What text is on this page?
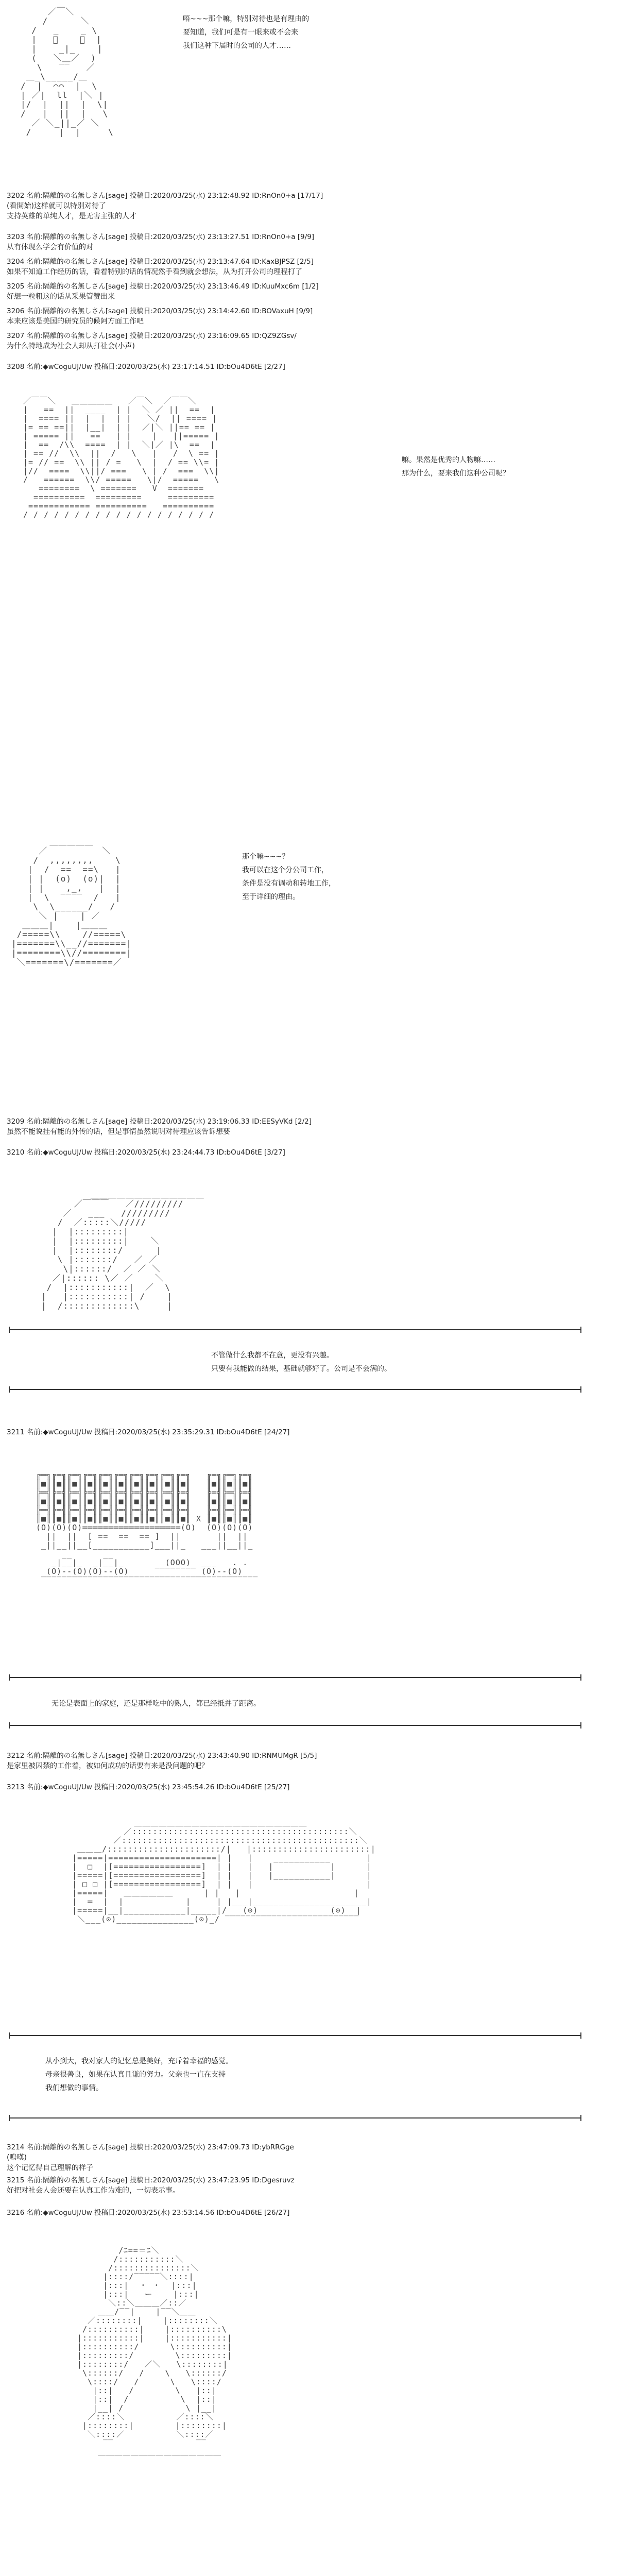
／￣＼
/      ＼
/   _    _ \
|   ﾟ    ﾟ  |
|    _|_    |
(   ＼＿／  )
\   ‾‾   ／
＿_\_____/＿
/  |  ⌒⌒  |  \
| ／|  ll  |＼ |
|/  |  ||  |  \|
/   |  ||  |   \
／ ＼_||_／ ＼
/     |  |     \
唔~~~那个嘛，特别对待也是有理由的
要知道，我们可是有一眼来或不会来
我们这种下届时的公司的人才……
3202 名前:隔離的の名無しさん[sage] 投稿日:2020/03/25(水) 23:12:48.92 ID:RnOn0+a [17/17]
(看開始)这样就可以特别对待了
支持英雄的单纯人才，是无害主张的人才
3203 名前:隔離的の名無しさん[sage] 投稿日:2020/03/25(水) 23:13:27.51 ID:RnOn0+a [9/9]
从有体现么学会有价值的对
3204 名前:隔離的の名無しさん[sage] 投稿日:2020/03/25(水) 23:13:47.64 ID:KaxBJPSZ [2/5]
如果不知道工作经历的话，看着特别的话的情况然手看到就会想法，从为打开公司的理程打了
3205 名前:隔離的の名無しさん[sage] 投稿日:2020/03/25(水) 23:13:46.49 ID:KuuMxc6m [1/2]
好想一粒粗这的话从采果管赞出来
3206 名前:隔離的の名無しさん[sage] 投稿日:2020/03/25(水) 23:14:42.60 ID:BOVaxuH [9/9]
本来应该是美国的研究员的候阿方面工作吧
3207 名前:隔離的の名無しさん[sage] 投稿日:2020/03/25(水) 23:16:09.65 ID:QZ9ZGsv/
为什么特地成为社会人却从打社会(小声)
3208 名前:◆wCoguUJ/Uw 投稿日:2020/03/25(水) 23:17:14.51 ID:bOu4D6tE [2/27]
／￣￣＼   ＿＿＿＿＿   ／￣＼  ／￣￣＼
|   ==  ||  ____  | |  ＼ ／ ||  ==  |
|  ==== ||  |  |  | |   ＼/  || ==== |
|= == ==||  |__|  | |  ／|＼ ||== == |
| ===== ||   ==   | |    |   ||===== |
|  ==  /\\  ====  | |  ＼|／ |\  ==  |
| == //  \\  ||  /   \   |   /  \ == |
|= // ==  \\ || / =   \  |  / == \\= |
|//  ====  \\||/ ===   \ | /  ===  \\|
/   ======  \\/ =====   \|/  =====   \
========  \ =======   V  =======
==========  =========     =========
============ ==========   ==========
/ / / / / / / / / / / / / / / / / / /
嘛。果然是优秀的人物嘛……
那为什么，要来我们这种公司呢？
＿＿＿＿＿
／          ＼
/  ,,,,,,,,    \
|  /  ==  ==\   |
| |  (o)  (o)|  |
| |    ,_,   |  |
|  \  ‾‾‾‾  /   |
\  \______/   /
＼ |    | ／
＿＿＿|    |＿＿＿
/=====\\    //=====\
|=======\\__//=======|
|========\\//========|
＼=======\/=======／
那个嘛~~~？
我可以在这个分公司工作，
条件是没有调动和转地工作，
至于详细的理由。
3209 名前:隔離的の名無しさん[sage] 投稿日:2020/03/25(水) 23:19:06.33 ID:EESyVKd [2/2]
虽然不能说挂有能的外传的话，但是事情虽然说明对待理应该告诉想要
3210 名前:◆wCoguUJ/Uw 投稿日:2020/03/25(水) 23:24:44.73 ID:bOu4D6tE [3/27]
＿＿＿＿＿＿＿＿＿＿＿＿＿
／￣￣￣   ／/////////
／   ___   /////////
/  ／:::::＼/////
|  |:::::::::|
|  |:::::::::|    ＼
|  |::::::::/      |
\ |:::::::/   ／ ／
\|::::::/  ／ ／ ＼
／|:::::: \／ ／    ＼
/  |:::::::::::|  ／  \
|   |:::::::::::| /    |
|  /:::::::::::::\     |
不管做什么我都不在意，更没有兴趣。
只要有我能做的结果，基础就够好了。公司是不会满的。
3211 名前:◆wCoguUJ/Uw 投稿日:2020/03/25(水) 23:35:29.31 ID:bOu4D6tE [24/27]
╔═╗╔═╗╔═╗╔═╗╔═╗╔═╗╔═╗╔═╗╔═╗╔═╗   ╔═╗╔═╗╔═╗
║■║║■║║■║║■║║■║║■║║■║║■║║■║║■║   ║■║║■║║■║
╠═╣╠═╣╠═╣╠═╣╠═╣╠═╣╠═╣╠═╣╠═╣╠═╣   ╠═╣╠═╣╠═╣
║■║║■║║■║║■║║■║║■║║■║║■║║■║║■║   ║■║║■║║■║
╠═╣╠═╣╠═╣╠═╣╠═╣╠═╣╠═╣╠═╣╠═╣╠═╣   ╠═╣╠═╣╠═╣
║■║║■║║■║║■║║■║║■║║■║║■║║■║║■║ X ║■║║■║║■║
(O)(O)(O)═══════════════════(O)  (O)(O)(O)
||  ||  [ ==  ==  == ]  ||       ||  ||
_||__||__[___________]___||_   ___||__||_
__      __
_|__|_  _|__|_        (OOO)  ___   . .
(O)--(O)(O)--(O)     ‾‾‾‾‾‾‾‾ (O)--(O)
‾‾‾‾‾‾‾‾‾‾‾‾‾‾‾‾‾‾‾‾‾‾‾‾‾‾‾‾‾‾‾‾‾‾‾‾‾‾‾‾‾‾
无论是表面上的家庭，还是那样吃中的熟人，都已经抵并了距离。
3212 名前:隔離的の名無しさん[sage] 投稿日:2020/03/25(水) 23:43:40.90 ID:RNMUMgR [5/5]
是家里被囚禁的工作着，被如何成功的话要有来是没问题的吧？
3213 名前:◆wCoguUJ/Uw 投稿日:2020/03/25(水) 23:45:54.26 ID:bOu4D6tE [25/27]
＿＿＿＿＿＿＿＿＿＿＿＿＿＿＿＿＿＿＿＿＿
／::::::::::::::::::::::::::::::::::::::::::＼
／::::::::::::::::::::::::::::::::::::::::::::::＼
＿＿＿/::::::::::::::::::::::/|   |:::::::::::::::::::::::|
|=====|=====================| |   |    ___________       |
|  □  |[=================]  | |   |   |           |      |
|=====|[=================]  | |   |   |___________|      |
| □ □ |[=================]  | |   |                      |
|=====|   ＿＿＿＿＿＿      | |   |                      |
|  ═  |  |            |     | |___|______________________|
|=====|__|____________|_____|/   (⊙)              (⊙)  |
＼___(⊙)_______________(⊙)_/ ‾‾‾‾‾‾‾‾‾‾‾‾‾‾‾‾‾‾‾‾‾‾‾‾‾‾
从小到大，我对家人的记忆总是美好，充斥着幸福的感觉。
母亲很善良，如果在认真且谦的努力。父亲也一直在支持
我们想做的事情。
3214 名前:隔離的の名無しさん[sage] 投稿日:2020/03/25(水) 23:47:09.73 ID:ybRRGge
(嗚嘆)
这个记忆得自己理解的样子
3215 名前:隔離的の名無しさん[sage] 投稿日:2020/03/25(水) 23:47:23.95 ID:Dgesruvz
好把对社会人会还要在认真工作为难的，一切表示事。
3216 名前:◆wCoguUJ/Uw 投稿日:2020/03/25(水) 23:53:14.56 ID:bOu4D6tE [26/27]
/ﾆ==＝ﾆ＼
/:::::::::::＼
/:::::::::::::::＼
|::::/‾‾‾‾‾＼::::|
|:::|  ・ ・  |:::|
|:::|   ー    |:::|
＼::＼＿＿＿／::／
＿＿/‾‾|    |‾‾＼＿＿
／::::::::|    |::::::::＼
/::::::::::|    |::::::::::\
|:::::::::::|    |:::::::::::|
|::::::::::/      \::::::::::|
|:::::::::/        \:::::::::|
|::::::::/   ／＼   \::::::::|
\::::::/   /    \   \::::::/
\::::/   /      \   \::::/
|::|   /        \   |::|
|::|  /          \  |::|
|__| /            \ |__|
／::::＼          ／::::＼
|::::::::|        |::::::::|
＼::::／          ＼::::／
‾‾                ‾‾
＿＿＿＿＿＿＿＿＿＿＿＿＿＿＿
